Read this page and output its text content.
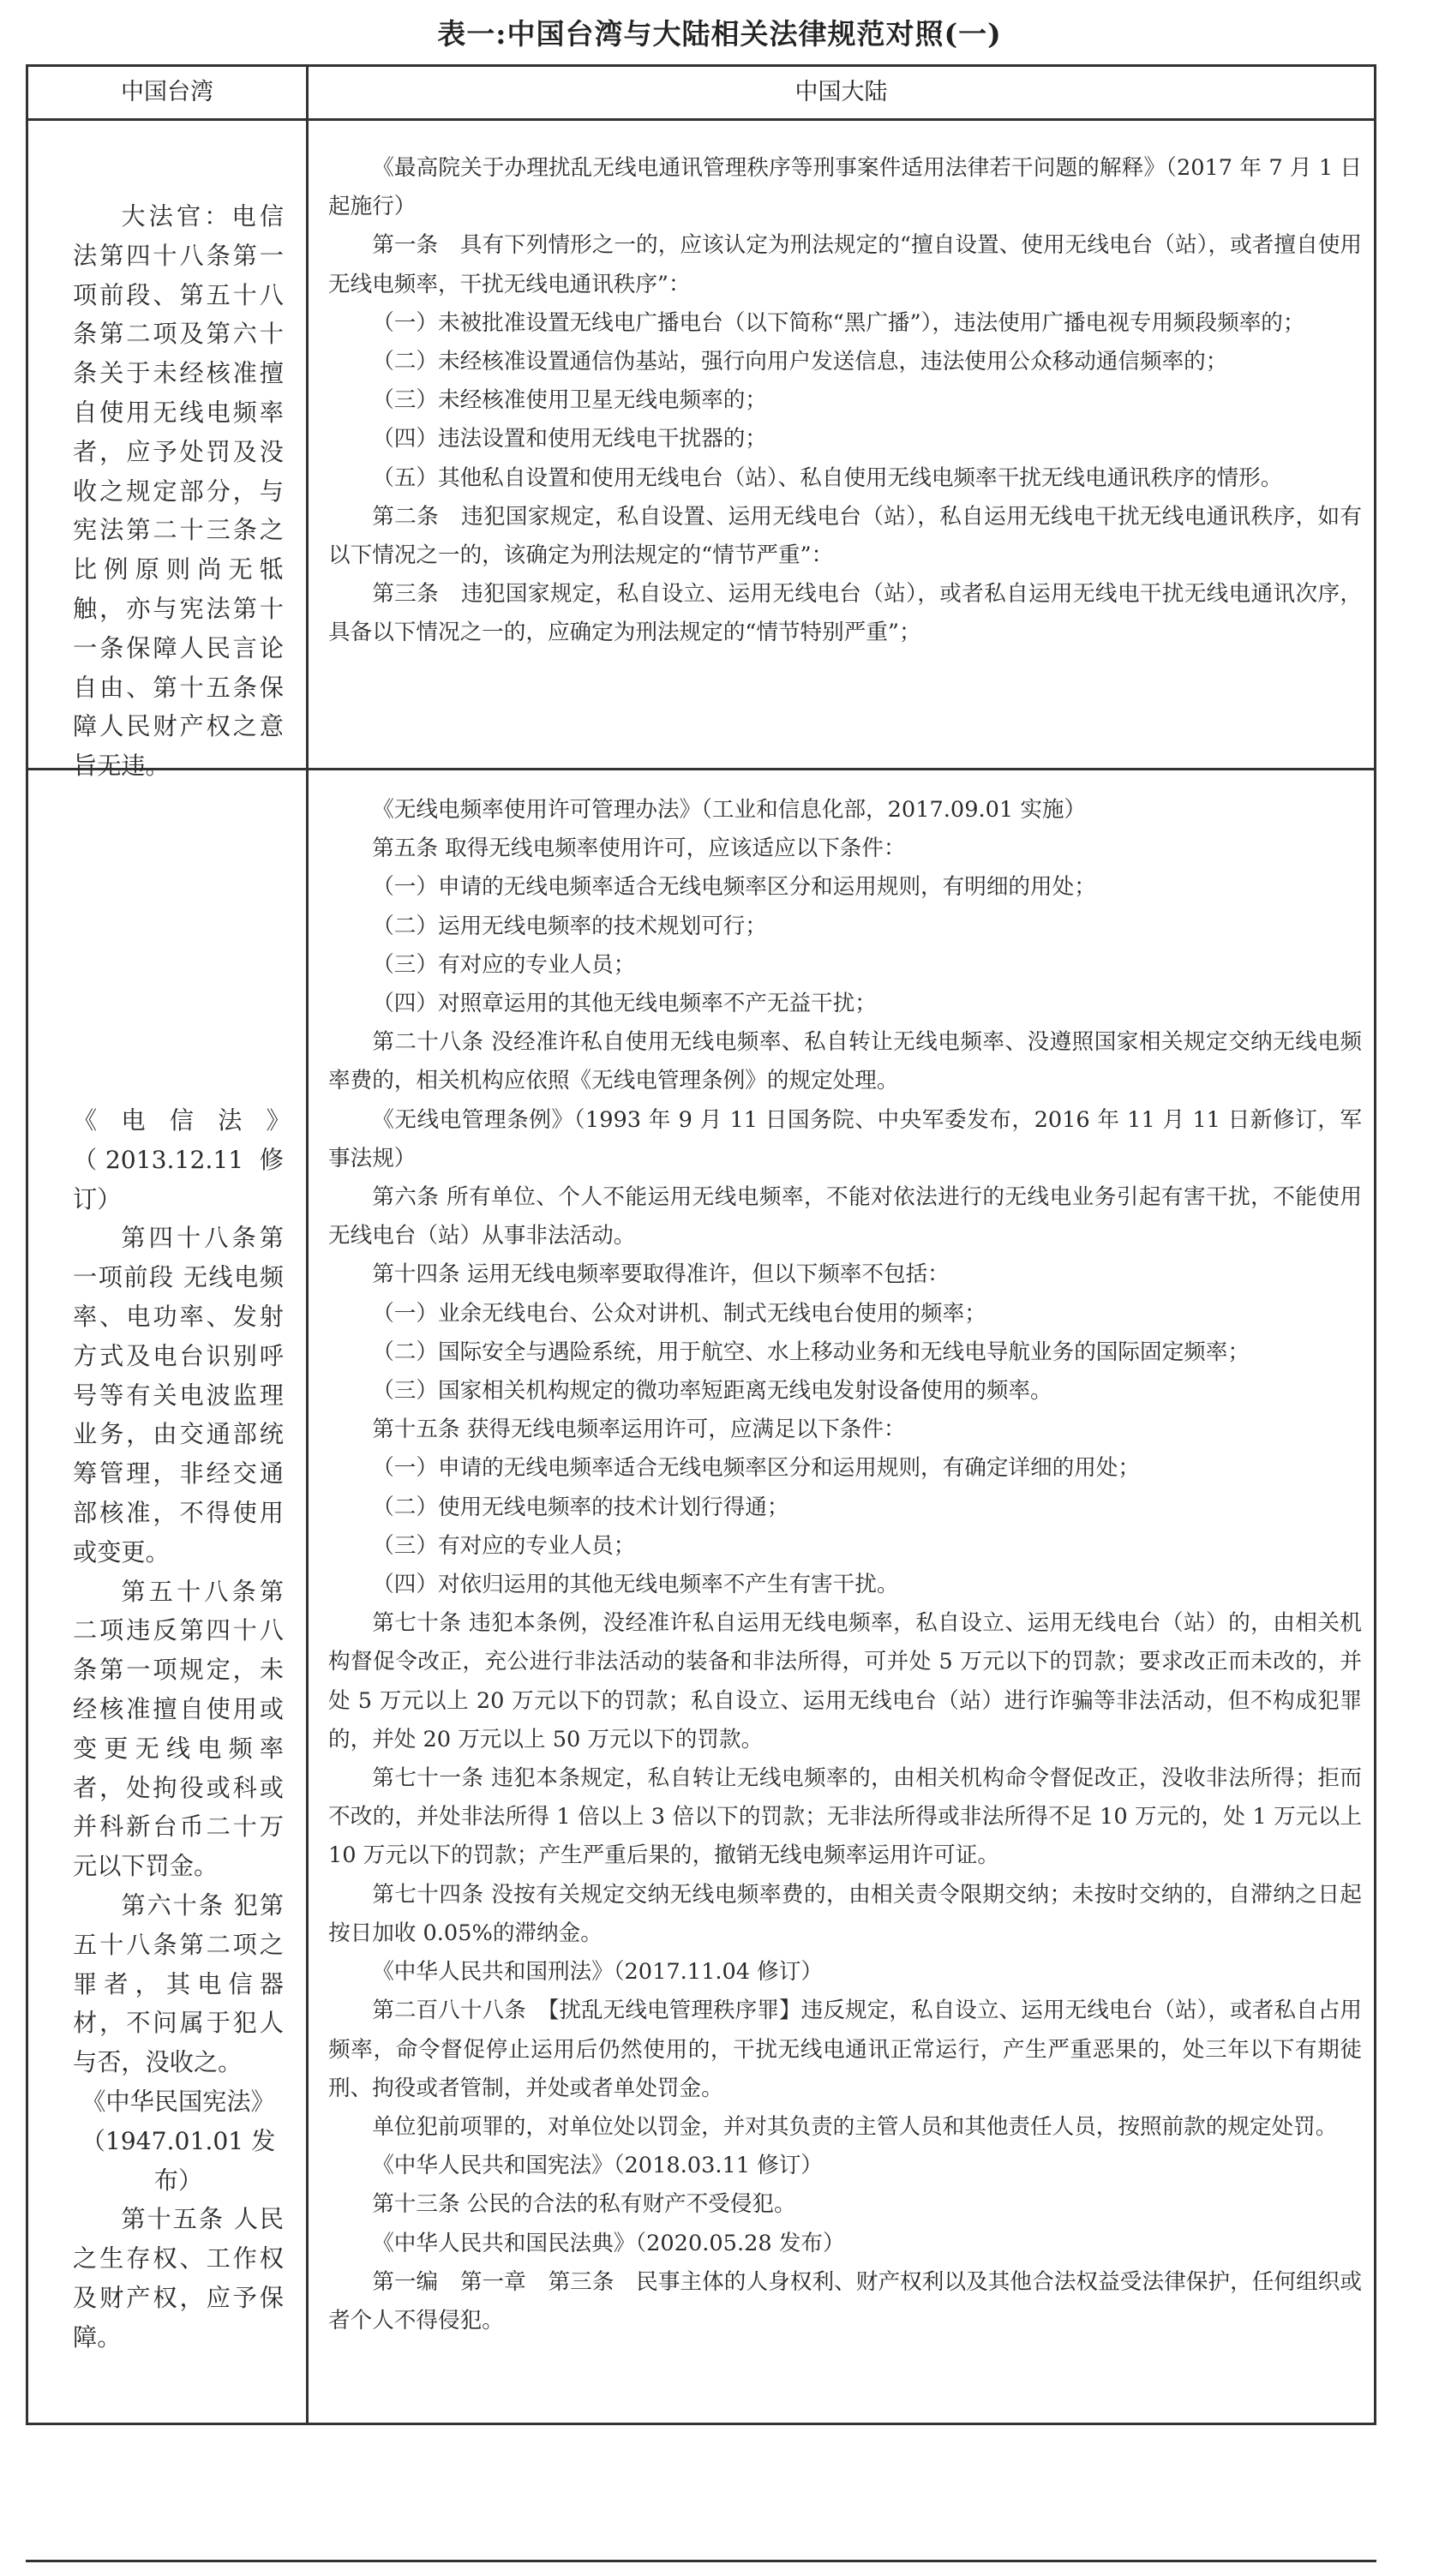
表一:中国台湾与大陆相关法律规范对照(一)
中国台湾	中国大陆

大法官：电信法第四十八条第一项前段、第五十八条第二项及第六十条关于未经核准擅自使用无线电频率者，应予处罚及没收之规定部分，与宪法第二十三条之比例原则尚无牴触，亦与宪法第十一条保障人民言论自由、第十五条保障人民财产权之意旨无违。

《最高院关于办理扰乱无线电通讯管理秩序等刑事案件适用法律若干问题的解释》（2017 年 7 月 1 日起施行）

第一条　具有下列情形之一的，应该认定为刑法规定的“擅自设置、使用无线电台（站），或者擅自使用无线电频率，干扰无线电通讯秩序”：

（一）未被批准设置无线电广播电台（以下简称“黑广播”），违法使用广播电视专用频段频率的；

（二）未经核准设置通信伪基站，强行向用户发送信息，违法使用公众移动通信频率的；

（三）未经核准使用卫星无线电频率的；

（四）违法设置和使用无线电干扰器的；

（五）其他私自设置和使用无线电台（站）、私自使用无线电频率干扰无线电通讯秩序的情形。

第二条　违犯国家规定，私自设置、运用无线电台（站），私自运用无线电干扰无线电通讯秩序，如有以下情况之一的，该确定为刑法规定的“情节严重”：

第三条　违犯国家规定，私自设立、运用无线电台（站），或者私自运用无线电干扰无线电通讯次序，具备以下情况之一的，应确定为刑法规定的“情节特别严重”；

《　电　信　法　》

（2013.12.11 修订）

第四十八条第一项前段 无线电频率、电功率、发射方式及电台识别呼号等有关电波监理业务，由交通部统筹管理，非经交通部核准，不得使用或变更。

第五十八条第二项违反第四十八条第一项规定，未经核准擅自使用或变更无线电频率者，处拘役或科或并科新台币二十万元以下罚金。

第六十条 犯第五十八条第二项之罪者，其电信器材，不问属于犯人与否，没收之。

《中华民国宪法》

（1947.01.01 发布）

第十五条 人民之生存权、工作权及财产权，应予保障。

《无线电频率使用许可管理办法》（工业和信息化部，2017.09.01 实施）

第五条 取得无线电频率使用许可，应该适应以下条件：

（一）申请的无线电频率适合无线电频率区分和运用规则，有明细的用处；

（二）运用无线电频率的技术规划可行；

（三）有对应的专业人员；

（四）对照章运用的其他无线电频率不产无益干扰；

第二十八条 没经准许私自使用无线电频率、私自转让无线电频率、没遵照国家相关规定交纳无线电频率费的，相关机构应依照《无线电管理条例》的规定处理。

《无线电管理条例》（1993 年 9 月 11 日国务院、中央军委发布，2016 年 11 月 11 日新修订，军事法规）

第六条 所有单位、个人不能运用无线电频率，不能对依法进行的无线电业务引起有害干扰，不能使用无线电台（站）从事非法活动。

第十四条 运用无线电频率要取得准许，但以下频率不包括：

（一）业余无线电台、公众对讲机、制式无线电台使用的频率；

（二）国际安全与遇险系统，用于航空、水上移动业务和无线电导航业务的国际固定频率；

（三）国家相关机构规定的微功率短距离无线电发射设备使用的频率。

第十五条 获得无线电频率运用许可，应满足以下条件：

（一）申请的无线电频率适合无线电频率区分和运用规则，有确定详细的用处；

（二）使用无线电频率的技术计划行得通；

（三）有对应的专业人员；

（四）对依归运用的其他无线电频率不产生有害干扰。

第七十条 违犯本条例，没经准许私自运用无线电频率，私自设立、运用无线电台（站）的，由相关机构督促令改正，充公进行非法活动的装备和非法所得，可并处 5 万元以下的罚款；要求改正而未改的，并处 5 万元以上 20 万元以下的罚款；私自设立、运用无线电台（站）进行诈骗等非法活动，但不构成犯罪的，并处 20 万元以上 50 万元以下的罚款。

第七十一条 违犯本条规定，私自转让无线电频率的，由相关机构命令督促改正，没收非法所得；拒而不改的，并处非法所得 1 倍以上 3 倍以下的罚款；无非法所得或非法所得不足 10 万元的，处 1 万元以上 10 万元以下的罚款；产生严重后果的，撤销无线电频率运用许可证。

第七十四条 没按有关规定交纳无线电频率费的，由相关责令限期交纳；未按时交纳的，自滞纳之日起按日加收 0.05%的滞纳金。

《中华人民共和国刑法》（2017.11.04 修订）

第二百八十八条　【扰乱无线电管理秩序罪】违反规定，私自设立、运用无线电台（站），或者私自占用频率，命令督促停止运用后仍然使用的，干扰无线电通讯正常运行，产生严重恶果的，处三年以下有期徒刑、拘役或者管制，并处或者单处罚金。

单位犯前项罪的，对单位处以罚金，并对其负责的主管人员和其他责任人员，按照前款的规定处罚。

《中华人民共和国宪法》（2018.03.11 修订）

第十三条 公民的合法的私有财产不受侵犯。

《中华人民共和国民法典》（2020.05.28 发布）

第一编　第一章　第三条　民事主体的人身权利、财产权利以及其他合法权益受法律保护，任何组织或者个人不得侵犯。
